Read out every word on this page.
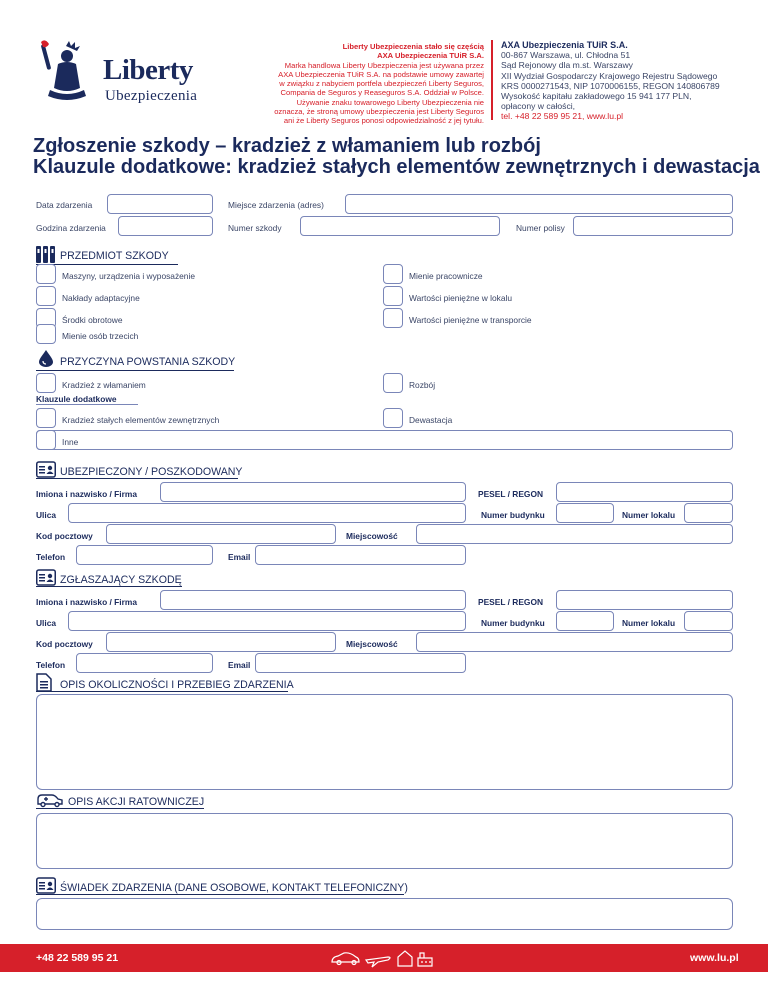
Liberty
Ubezpieczenia
Liberty Ubezpieczenia stało się częścią
AXA Ubezpieczenia TUiR S.A.
Marka handlowa Liberty Ubezpieczenia jest używana przez
AXA Ubezpieczenia TUiR S.A. na podstawie umowy zawartej
w związku z nabyciem portfela ubezpieczeń Liberty Seguros,
Compania de Seguros y Reaseguros S.A. Oddział w Polsce.
Używanie znaku towarowego Liberty Ubezpieczenia nie
oznacza, że stroną umowy ubezpieczenia jest Liberty Seguros
ani że Liberty Seguros ponosi odpowiedzialność z jej tytułu.
AXA Ubezpieczenia TUiR S.A.
00-867 Warszawa, ul. Chłodna 51
Sąd Rejonowy dla m.st. Warszawy
XII Wydział Gospodarczy Krajowego Rejestru Sądowego
KRS 0000271543, NIP 1070006155, REGON 140806789
Wysokość kapitału zakładowego 15 941 177 PLN,
opłacony w całości,
tel. +48 22 589 95 21, www.lu.pl
Zgłoszenie szkody – kradzież z włamaniem lub rozbój
Klauzule dodatkowe: kradzież stałych elementów zewnętrznych i dewastacja
Data zdarzenia	Miejsce zdarzenia (adres)
Godzina zdarzenia	Numer szkody	Numer polisy
PRZEDMIOT SZKODY
Maszyny, urządzenia i wyposażenie
Nakłady adaptacyjne
Środki obrotowe
Mienie osób trzecich
Mienie pracownicze
Wartości pieniężne w lokalu
Wartości pieniężne w transporcie
PRZYCZYNA POWSTANIA SZKODY
Kradzież z włamaniem	Rozbój
Klauzule dodatkowe
Kradzież stałych elementów zewnętrznych	Dewastacja
Inne
UBEZPIECZONY / POSZKODOWANY
Imiona i nazwisko / Firma	PESEL / REGON
Ulica	Numer budynku	Numer lokalu
Kod pocztowy	Miejscowość
Telefon	Email
ZGŁASZAJĄCY SZKODĘ
Imiona i nazwisko / Firma	PESEL / REGON
Ulica	Numer budynku	Numer lokalu
Kod pocztowy	Miejscowość
Telefon	Email
OPIS OKOLICZNOŚCI I PRZEBIEG ZDARZENIA
OPIS AKCJI RATOWNICZEJ
ŚWIADEK ZDARZENIA (DANE OSOBOWE, KONTAKT TELEFONICZNY)
+48 22 589 95 21	www.lu.pl
